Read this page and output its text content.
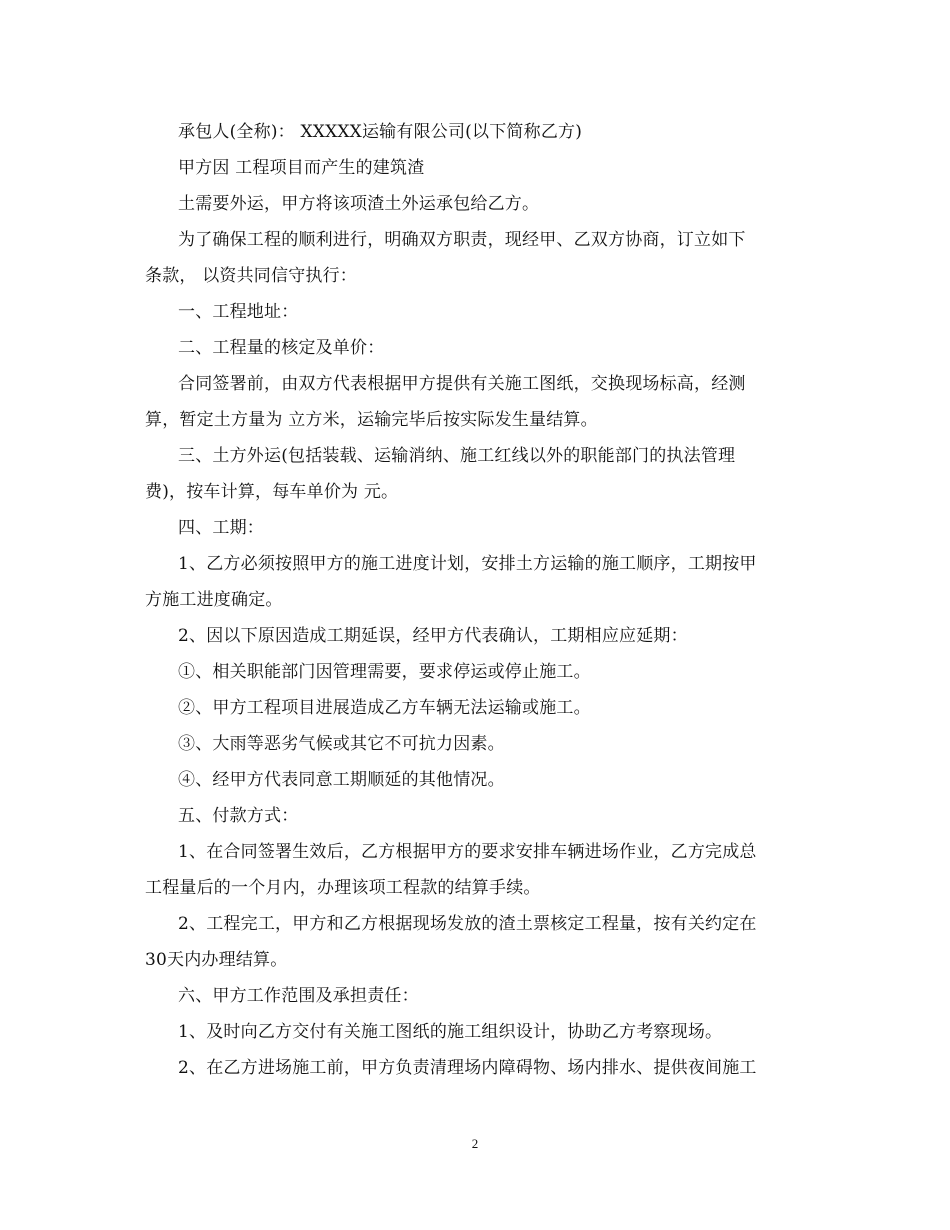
承包人(全称)： XXXXX运输有限公司(以下简称乙方)
甲方因 工程项目而产生的建筑渣
土需要外运，甲方将该项渣土外运承包给乙方。
为了确保工程的顺利进行，明确双方职责，现经甲、乙双方协商，订立如下
条款， 以资共同信守执行：
一、工程地址：
二、工程量的核定及单价：
合同签署前，由双方代表根据甲方提供有关施工图纸，交换现场标高，经测
算，暂定土方量为 立方米，运输完毕后按实际发生量结算。
三、土方外运(包括装载、运输消纳、施工红线以外的职能部门的执法管理
费)，按车计算，每车单价为 元。
四、工期：
1、乙方必须按照甲方的施工进度计划，安排土方运输的施工顺序，工期按甲
方施工进度确定。
2、因以下原因造成工期延误，经甲方代表确认，工期相应应延期：
①、相关职能部门因管理需要，要求停运或停止施工。
②、甲方工程项目进展造成乙方车辆无法运输或施工。
③、大雨等恶劣气候或其它不可抗力因素。
④、经甲方代表同意工期顺延的其他情况。
五、付款方式：
1、在合同签署生效后，乙方根据甲方的要求安排车辆进场作业，乙方完成总
工程量后的一个月内，办理该项工程款的结算手续。
2、工程完工，甲方和乙方根据现场发放的渣土票核定工程量，按有关约定在
30天内办理结算。
六、甲方工作范围及承担责任：
1、及时向乙方交付有关施工图纸的施工组织设计，协助乙方考察现场。
2、在乙方进场施工前，甲方负责清理场内障碍物、场内排水、提供夜间施工
2
